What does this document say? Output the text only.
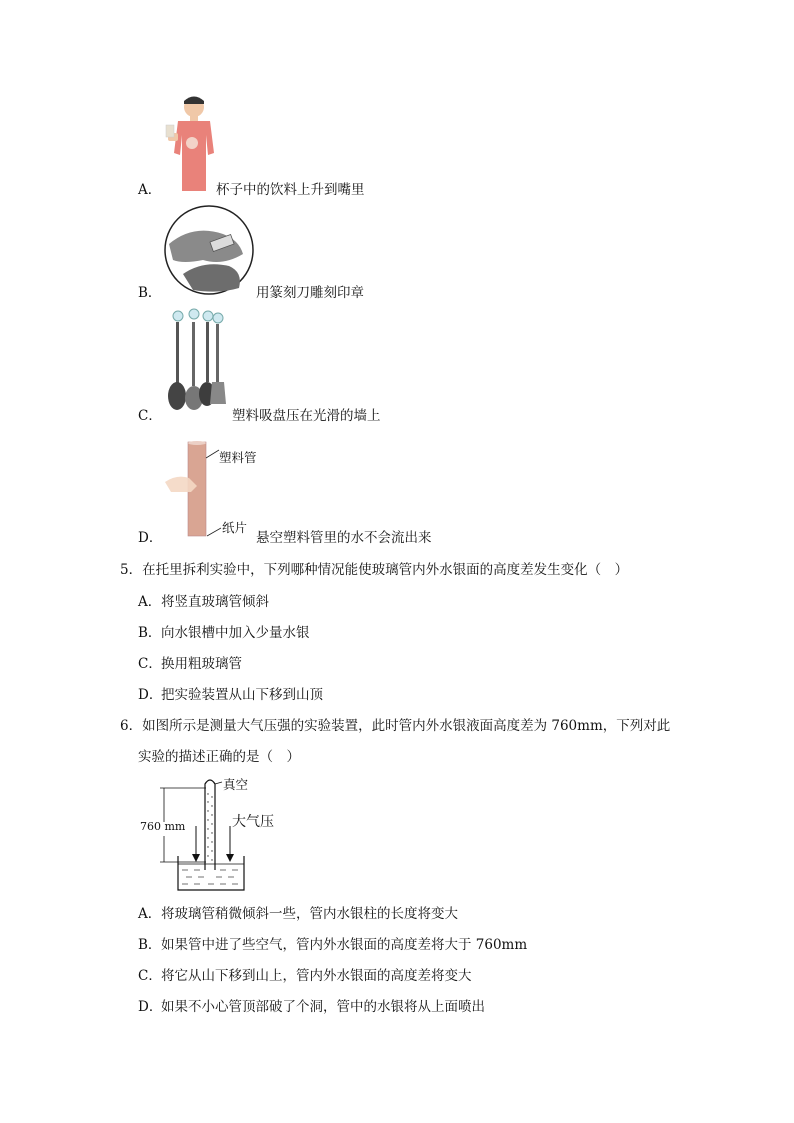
A．	杯子中的饮料上升到嘴里
B．	用篆刻刀雕刻印章
C．	塑料吸盘压在光滑的墙上
塑料管
纸片
D．	悬空塑料管里的水不会流出来
5．在托里拆利实验中，下列哪种情况能使玻璃管内外水银面的高度差发生变化（　）
A． 将竖直玻璃管倾斜
B． 向水银槽中加入少量水银
C． 换用粗玻璃管
D．
把实验装置从山下移到山顶
6．如图所示是测量大气压强的实验装置，此时管内外水银液面高度差为 760mm，下列对此
实验的描述正确的是（　）
真空
大气压
760 mm
A． 将玻璃管稍微倾斜一些，管内水银柱的长度将变大
B． 如果管中进了些空气，管内外水银面的高度差将大于 760mm
C． 将它从山下移到山上，管内外水银面的高度差将变大
D．
如果不小心管顶部破了个洞，管中的水银将从上面喷出
